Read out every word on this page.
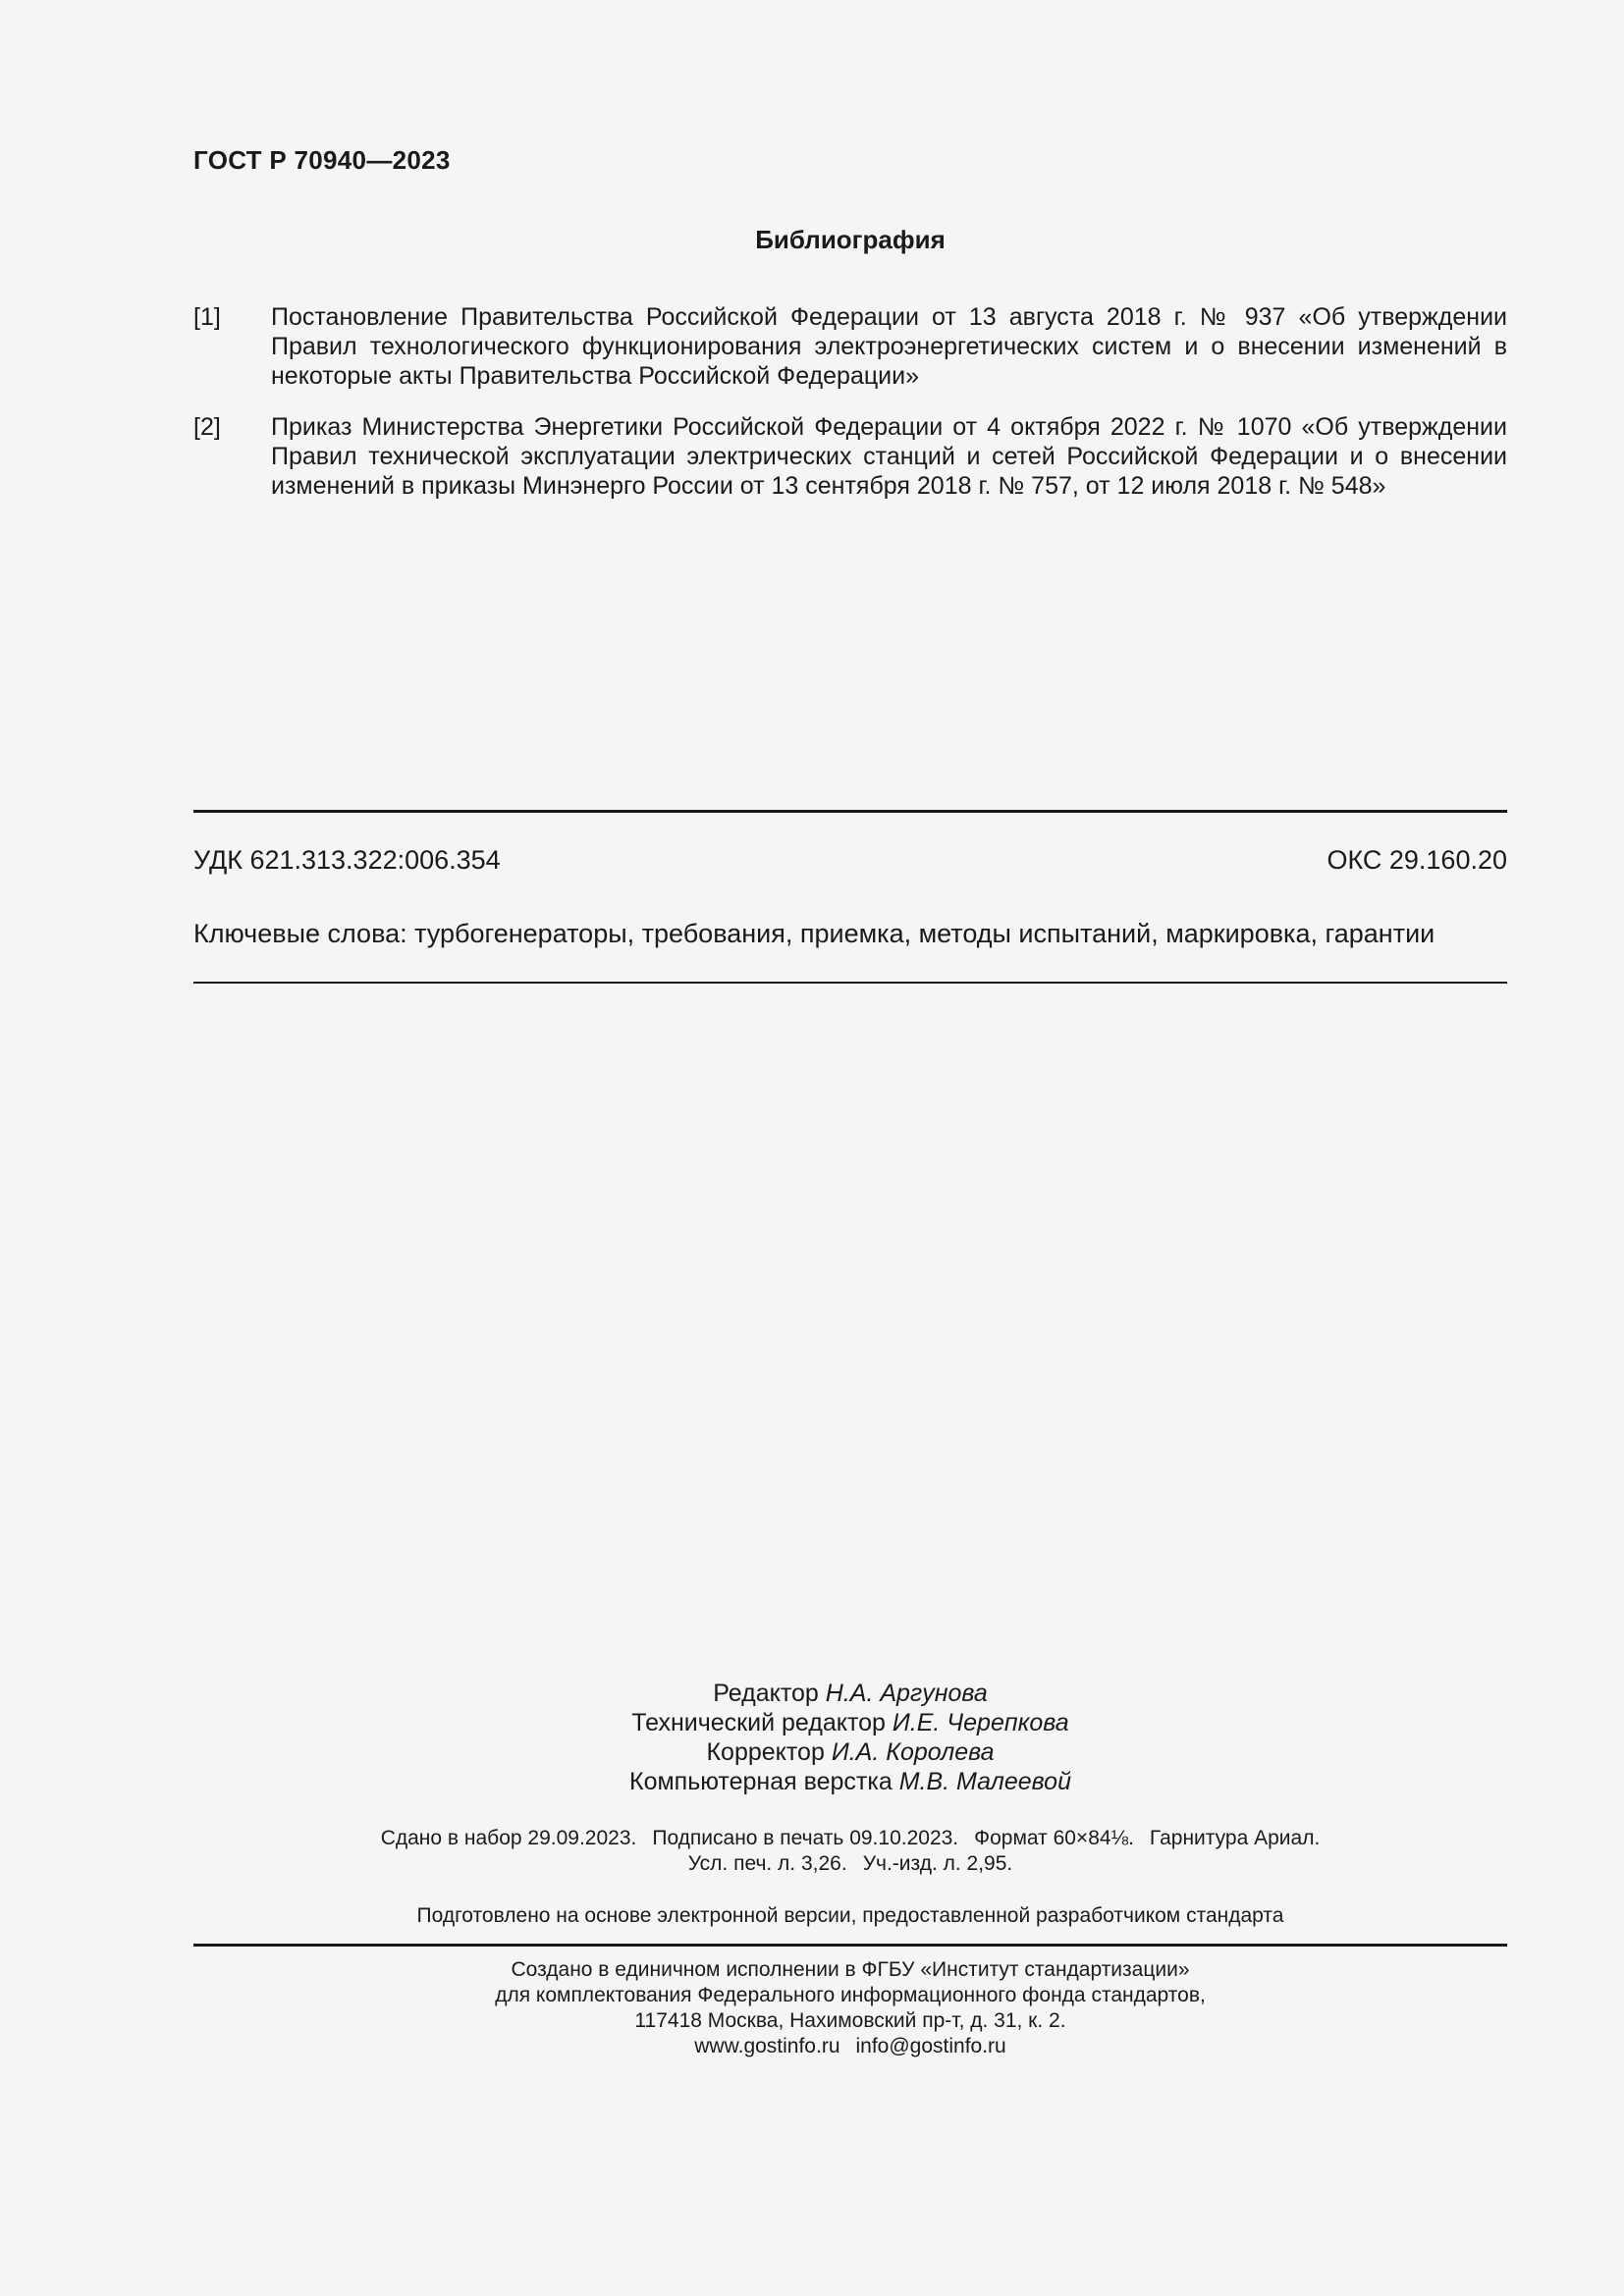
ГОСТ Р 70940—2023
Библиография
[1]	Постановление Правительства Российской Федерации от 13 августа 2018 г. № 937 «Об утверждении Правил технологического функционирования электроэнергетических систем и о внесении изменений в некоторые акты Правительства Российской Федерации»
[2]	Приказ Министерства Энергетики Российской Федерации от 4 октября 2022 г. № 1070 «Об утверждении Правил технической эксплуатации электрических станций и сетей Российской Федерации и о внесении изменений в приказы Минэнерго России от 13 сентября 2018 г. № 757, от 12 июля 2018 г. № 548»
УДК 621.313.322:006.354	ОКС 29.160.20
Ключевые слова: турбогенераторы, требования, приемка, методы испытаний, маркировка, гарантии
Редактор Н.А. Аргунова
Технический редактор И.Е. Черепкова
Корректор И.А. Королева
Компьютерная верстка М.В. Малеевой
Сдано в набор 29.09.2023. Подписано в печать 09.10.2023. Формат 60×84⅛. Гарнитура Ариал.
Усл. печ. л. 3,26. Уч.-изд. л. 2,95.
Подготовлено на основе электронной версии, предоставленной разработчиком стандарта
Создано в единичном исполнении в ФГБУ «Институт стандартизации»
для комплектования Федерального информационного фонда стандартов,
117418 Москва, Нахимовский пр-т, д. 31, к. 2.
www.gostinfo.ru info@gostinfo.ru
